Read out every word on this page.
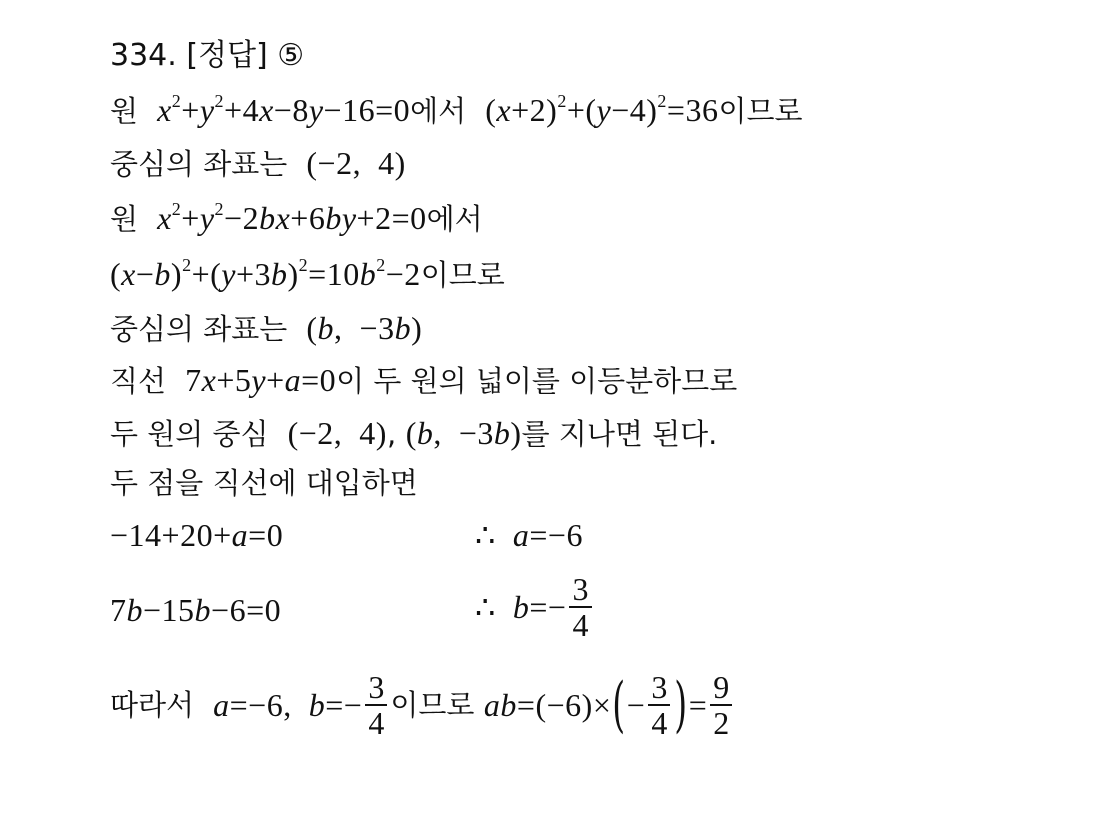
334. [정답] ⑤
원 $x^2+y^2+4x-8y-16=0$에서 $(x+2)^2+(y-4)^2=36$이므로
중심의 좌표는 (−2,  4)
원 $x^2+y^2-2bx+6by+2=0$에서
$(x-b)^2+(y+3b)^2=10b^2-2$이므로
중심의 좌표는 (b,  −3b)
직선 7x+5y+a=0이 두 원의 넓이를 이등분하므로
두 원의 중심 (−2,  4), (b,  −3b)를 지나면 된다.
두 점을 직선에 대입하면
−14+20+a=0	∴ a=−6
7b−15b−6=0	∴ $b=- \frac{3}{4}$
따라서
a=−6,  $b=- \frac{3}{4}$ 이므로
ab=(−6)× ( − $\frac{3}{4}$ ) = $\frac{9}{2}$
